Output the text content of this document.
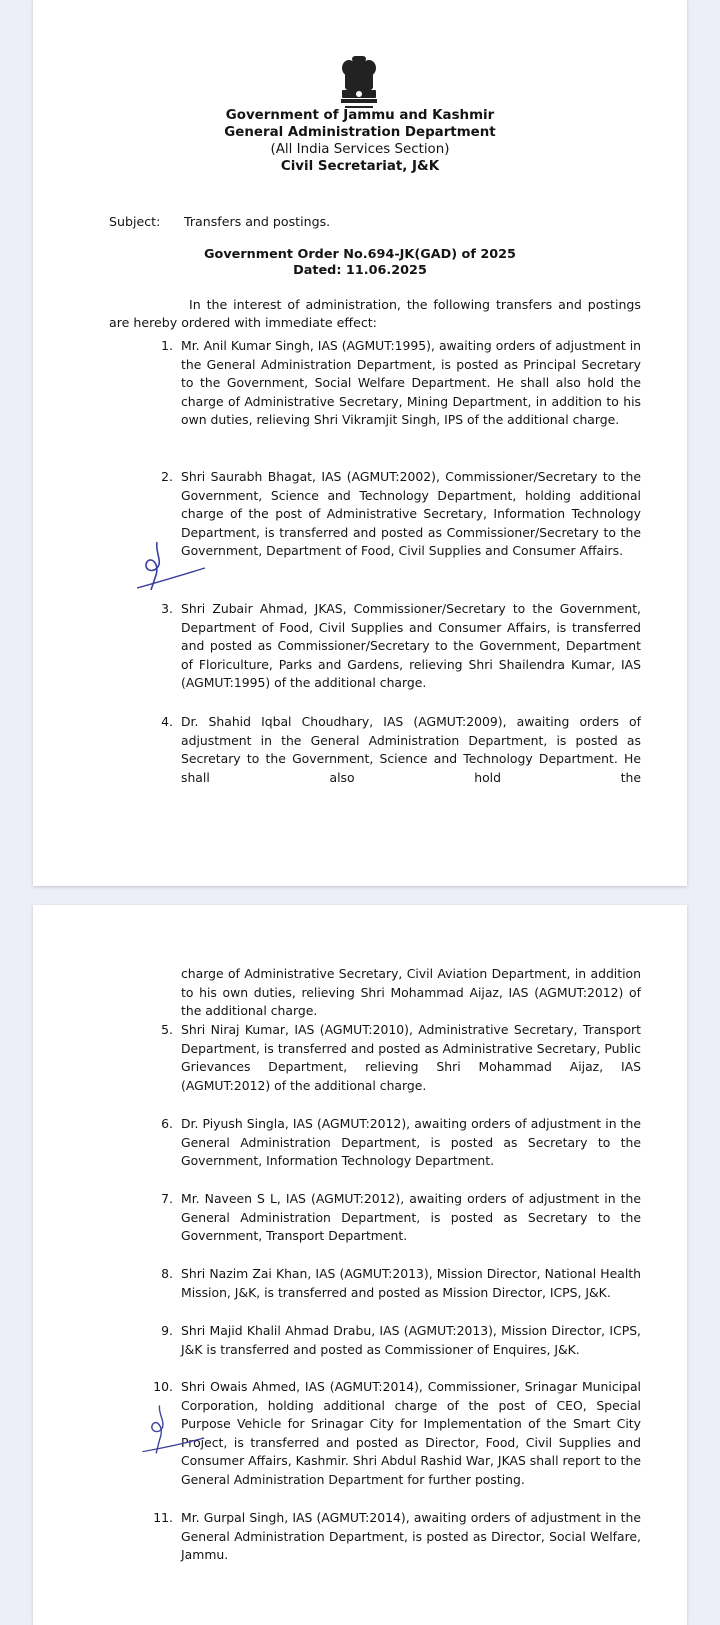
Government of Jammu and Kashmir
General Administration Department
(All India Services Section)
Civil Secretariat, J&K
Subject: Transfers and postings.
Government Order No.694-JK(GAD) of 2025
Dated: 11.06.2025

In the interest of administration, the following transfers and postings are hereby ordered with immediate effect:

1. Mr. Anil Kumar Singh, IAS (AGMUT:1995), awaiting orders of adjustment in the General Administration Department, is posted as Principal Secretary to the Government, Social Welfare Department. He shall also hold the charge of Administrative Secretary, Mining Department, in addition to his own duties, relieving Shri Vikramjit Singh, IPS of the additional charge.

2. Shri Saurabh Bhagat, IAS (AGMUT:2002), Commissioner/Secretary to the Government, Science and Technology Department, holding additional charge of the post of Administrative Secretary, Information Technology Department, is transferred and posted as Commissioner/Secretary to the Government, Department of Food, Civil Supplies and Consumer Affairs.

3. Shri Zubair Ahmad, JKAS, Commissioner/Secretary to the Government, Department of Food, Civil Supplies and Consumer Affairs, is transferred and posted as Commissioner/Secretary to the Government, Department of Floriculture, Parks and Gardens, relieving Shri Shailendra Kumar, IAS (AGMUT:1995) of the additional charge.

4. Dr. Shahid Iqbal Choudhary, IAS (AGMUT:2009), awaiting orders of adjustment in the General Administration Department, is posted as Secretary to the Government, Science and Technology Department. He shall also hold the

charge of Administrative Secretary, Civil Aviation Department, in addition to his own duties, relieving Shri Mohammad Aijaz, IAS (AGMUT:2012) of the additional charge.

5. Shri Niraj Kumar, IAS (AGMUT:2010), Administrative Secretary, Transport Department, is transferred and posted as Administrative Secretary, Public Grievances Department, relieving Shri Mohammad Aijaz, IAS (AGMUT:2012) of the additional charge.

6. Dr. Piyush Singla, IAS (AGMUT:2012), awaiting orders of adjustment in the General Administration Department, is posted as Secretary to the Government, Information Technology Department.

7. Mr. Naveen S L, IAS (AGMUT:2012), awaiting orders of adjustment in the General Administration Department, is posted as Secretary to the Government, Transport Department.

8. Shri Nazim Zai Khan, IAS (AGMUT:2013), Mission Director, National Health Mission, J&K, is transferred and posted as Mission Director, ICPS, J&K.

9. Shri Majid Khalil Ahmad Drabu, IAS (AGMUT:2013), Mission Director, ICPS, J&K is transferred and posted as Commissioner of Enquires, J&K.

10. Shri Owais Ahmed, IAS (AGMUT:2014), Commissioner, Srinagar Municipal Corporation, holding additional charge of the post of CEO, Special Purpose Vehicle for Srinagar City for Implementation of the Smart City Project, is transferred and posted as Director, Food, Civil Supplies and Consumer Affairs, Kashmir. Shri Abdul Rashid War, JKAS shall report to the General Administration Department for further posting.

11. Mr. Gurpal Singh, IAS (AGMUT:2014), awaiting orders of adjustment in the General Administration Department, is posted as Director, Social Welfare, Jammu.
